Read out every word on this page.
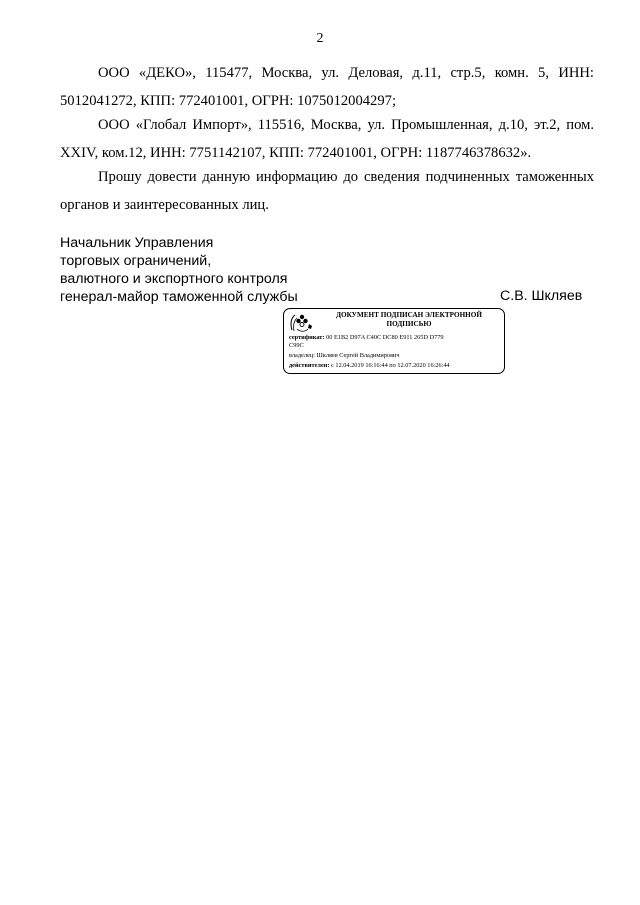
2

ООО «ДЕКО», 115477, Москва, ул. Деловая, д.11, стр.5, комн. 5, ИНН: 5012041272, КПП: 772401001, ОГРН: 1075012004297;

ООО «Глобал Импорт», 115516, Москва, ул. Промышленная, д.10, эт.2, пом. XXIV, ком.12, ИНН: 7751142107, КПП: 772401001, ОГРН: 1187746378632».

Прошу довести данную информацию до сведения подчиненных таможенных органов и заинтересованных лиц.

Начальник Управления
торговых ограничений,
валютного и экспортного контроля
генерал-майор таможенной службы	С.В. Шкляев
ДОКУМЕНТ ПОДПИСАН ЭЛЕКТРОННОЙ ПОДПИСЬЮ
сертификат: 00 E1B2 D97A C40C DC80 E911 265D D779
C99C
владелец: Шкляев Сергей Владимирович
действителен: с 12.04.2019 16:16:44 по 12.07.2020 16:26:44
